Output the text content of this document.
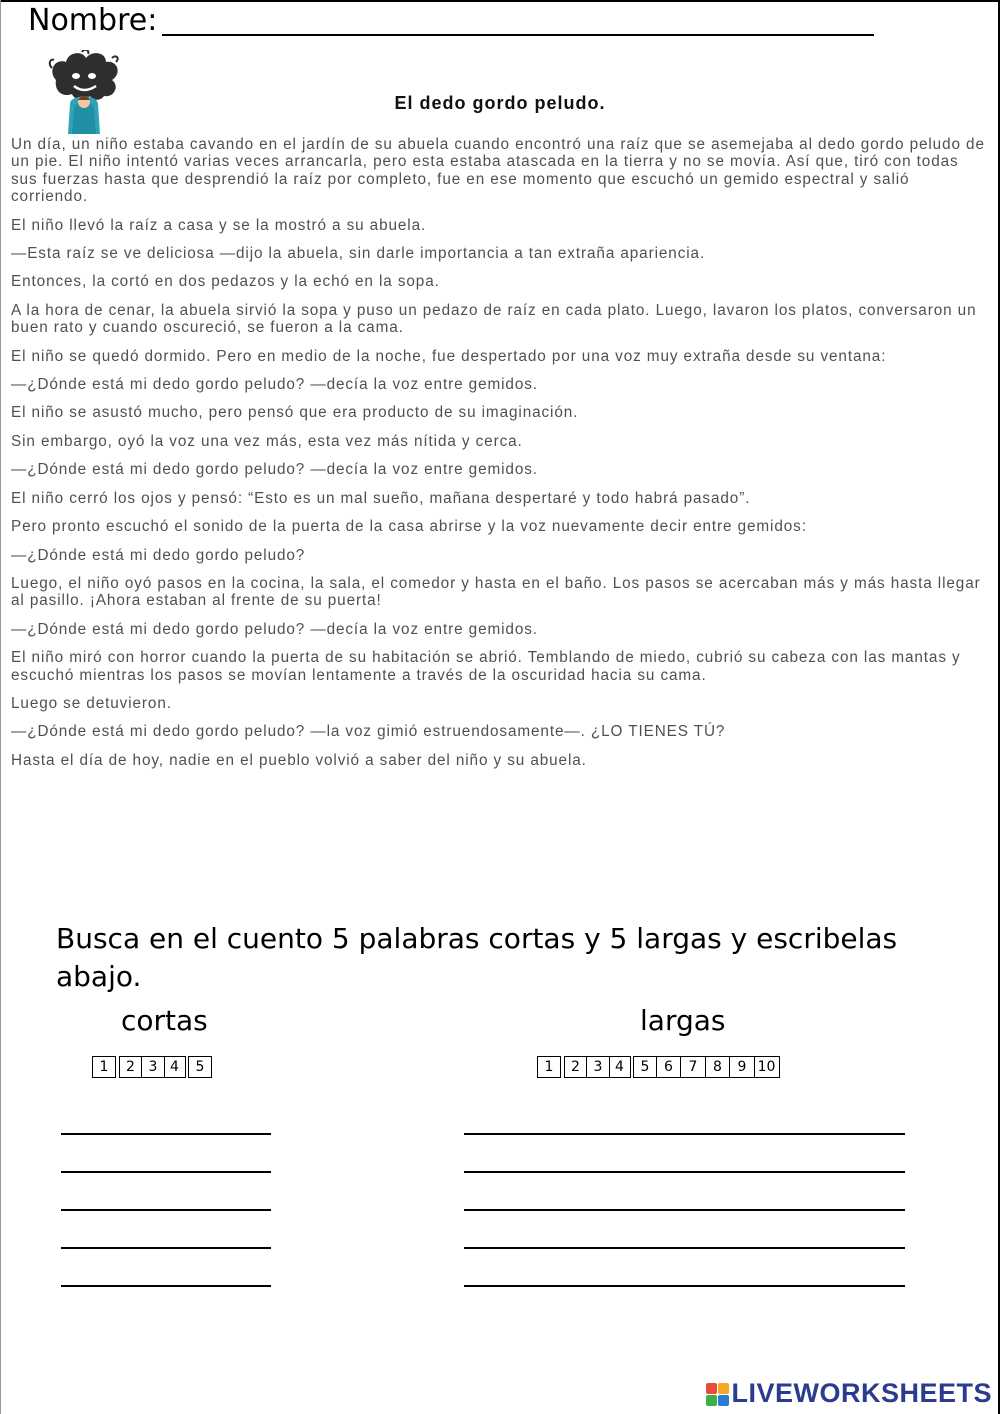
Nombre:
El dedo gordo peludo.

Un día, un niño estaba cavando en el jardín de su abuela cuando encontró una raíz que se asemejaba al dedo gordo peludo de un pie. El niño intentó varias veces arrancarla, pero esta estaba atascada en la tierra y no se movía. Así que, tiró con todas sus fuerzas hasta que desprendió la raíz por completo, fue en ese momento que escuchó un gemido espectral y salió corriendo.

El niño llevó la raíz a casa y se la mostró a su abuela.

—Esta raíz se ve deliciosa —dijo la abuela, sin darle importancia a tan extraña apariencia.

Entonces, la cortó en dos pedazos y la echó en la sopa.

A la hora de cenar, la abuela sirvió la sopa y puso un pedazo de raíz en cada plato. Luego, lavaron los platos, conversaron un buen rato y cuando oscureció, se fueron a la cama.

El niño se quedó dormido. Pero en medio de la noche, fue despertado por una voz muy extraña desde su ventana:

—¿Dónde está mi dedo gordo peludo? —decía la voz entre gemidos.

El niño se asustó mucho, pero pensó que era producto de su imaginación.

Sin embargo, oyó la voz una vez más, esta vez más nítida y cerca.

—¿Dónde está mi dedo gordo peludo? —decía la voz entre gemidos.

El niño cerró los ojos y pensó: “Esto es un mal sueño, mañana despertaré y todo habrá pasado”.

Pero pronto escuchó el sonido de la puerta de la casa abrirse y la voz nuevamente decir entre gemidos:

—¿Dónde está mi dedo gordo peludo?

Luego, el niño oyó pasos en la cocina, la sala, el comedor y hasta en el baño. Los pasos se acercaban más y más hasta llegar al pasillo. ¡Ahora estaban al frente de su puerta!

—¿Dónde está mi dedo gordo peludo? —decía la voz entre gemidos.

El niño miró con horror cuando la puerta de su habitación se abrió. Temblando de miedo, cubrió su cabeza con las mantas y escuchó mientras los pasos se movían lentamente a través de la oscuridad hacia su cama.

Luego se detuvieron.

—¿Dónde está mi dedo gordo peludo? —la voz gimió estruendosamente—. ¿LO TIENES TÚ?

Hasta el día de hoy, nadie en el pueblo volvió a saber del niño y su abuela.

Busca en el cuento 5 palabras cortas y 5 largas y escribelas abajo.
cortas	largas
1	2 3 4	5	1	2 3 4	5	6	7	8	9 10
LIVEWORKSHEETS
